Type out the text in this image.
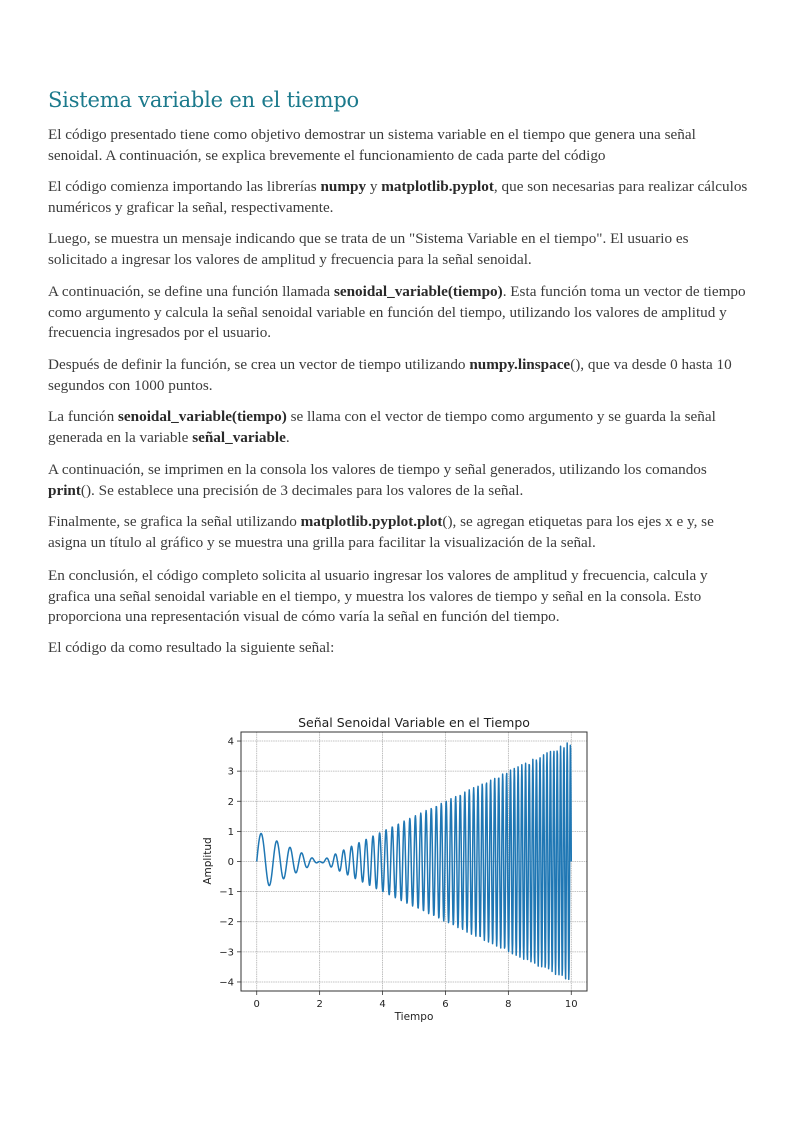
Sistema variable en el tiempo

El código presentado tiene como objetivo demostrar un sistema variable en el tiempo que genera una señal senoidal. A continuación, se explica brevemente el funcionamiento de cada parte del código

El código comienza importando las librerías numpy y matplotlib.pyplot, que son necesarias para realizar cálculos numéricos y graficar la señal, respectivamente.

Luego, se muestra un mensaje indicando que se trata de un "Sistema Variable en el tiempo". El usuario es solicitado a ingresar los valores de amplitud y frecuencia para la señal senoidal.

A continuación, se define una función llamada senoidal_variable(tiempo). Esta función toma un vector de tiempo como argumento y calcula la señal senoidal variable en función del tiempo, utilizando los valores de amplitud y frecuencia ingresados por el usuario.

Después de definir la función, se crea un vector de tiempo utilizando numpy.linspace(), que va desde 0 hasta 10 segundos con 1000 puntos.

La función senoidal_variable(tiempo) se llama con el vector de tiempo como argumento y se guarda la señal generada en la variable señal_variable.

A continuación, se imprimen en la consola los valores de tiempo y señal generados, utilizando los comandos print(). Se establece una precisión de 3 decimales para los valores de la señal.

Finalmente, se grafica la señal utilizando matplotlib.pyplot.plot(), se agregan etiquetas para los ejes x e y, se asigna un título al gráfico y se muestra una grilla para facilitar la visualización de la señal.

En conclusión, el código completo solicita al usuario ingresar los valores de amplitud y frecuencia, calcula y grafica una señal senoidal variable en el tiempo, y muestra los valores de tiempo y señal en la consola. Esto proporciona una representación visual de cómo varía la señal en función del tiempo.

El código da como resultado la siguiente señal:

Señal Senoidal Variable en el Tiempo
0	2	4	6	8	10
−4
−3
−2
−1
0
1
2
3
4
Tiempo
Amplitud
